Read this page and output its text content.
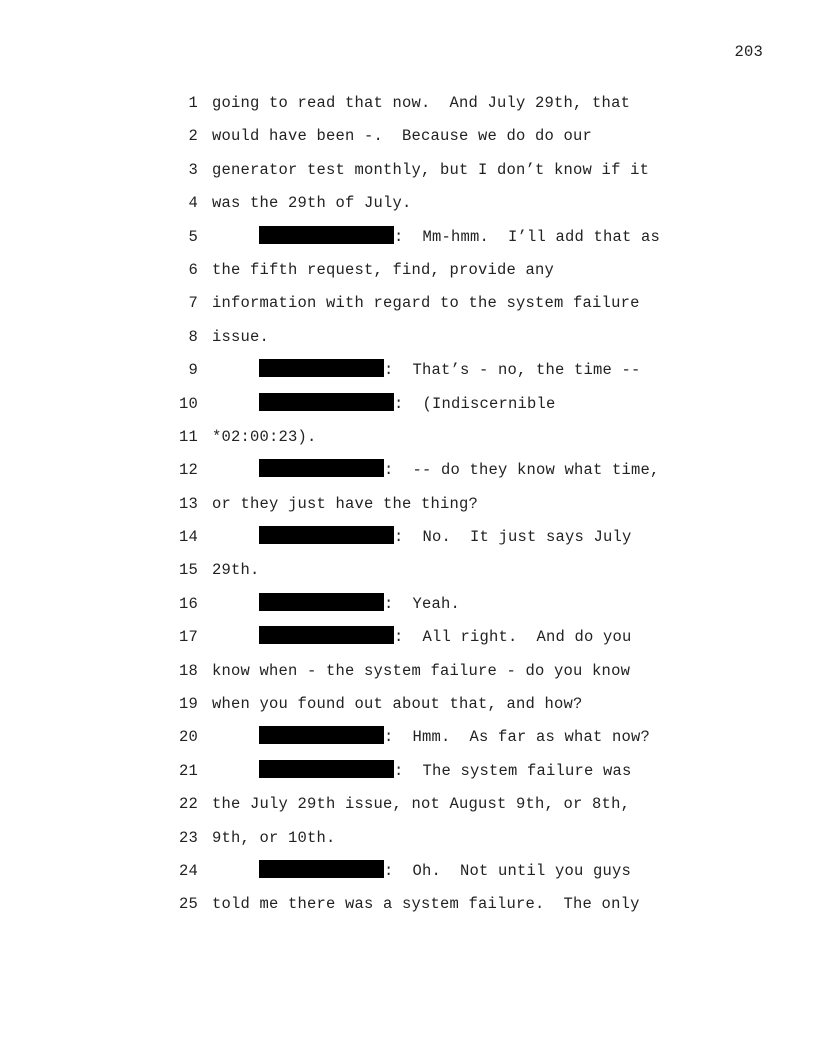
203
1 going to read that now.  And July 29th, that
2 would have been -.  Because we do do our
3 generator test monthly, but I don’t know if it
4 was the 29th of July.
5	:  Mm-hmm.  I’ll add that as
6 the fifth request, find, provide any
7 information with regard to the system failure
8 issue.
9	:  That’s - no, the time --
10	:  (Indiscernible
11 *02:00:23).
12	:  -- do they know what time,
13 or they just have the thing?
14	:  No.  It just says July
15 29th.
16	:  Yeah.
17	:  All right.  And do you
18 know when - the system failure - do you know
19 when you found out about that, and how?
20	:  Hmm.  As far as what now?
21	:  The system failure was
22 the July 29th issue, not August 9th, or 8th,
23 9th, or 10th.
24	:  Oh.  Not until you guys
25 told me there was a system failure.  The only
